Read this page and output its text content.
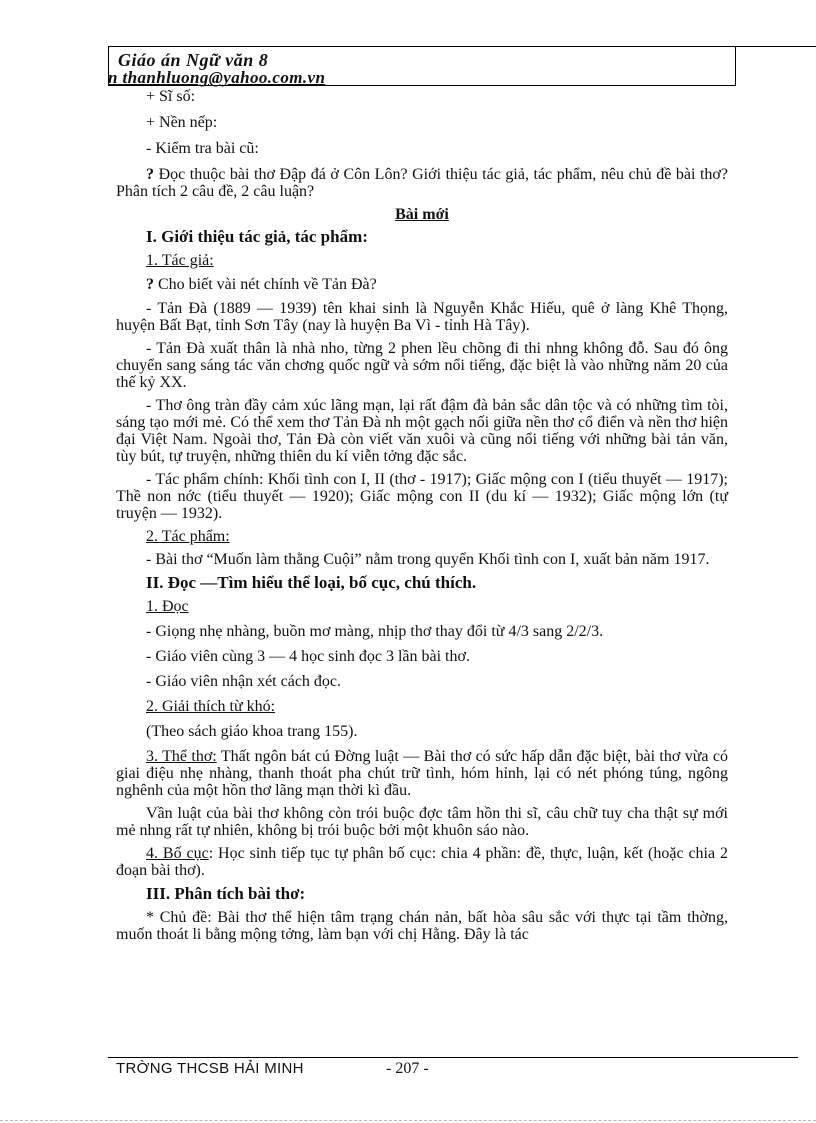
Giáo án Ngữ văn 8
n thanhluong@yahoo.com.vn

+ Sĩ số:

+ Nền nếp:

- Kiểm tra bài cũ:

? Đọc thuộc bài thơ Đập đá ở Côn Lôn? Giới thiệu tác giả, tác phẩm, nêu chủ đề bài thơ? Phân tích 2 câu đề, 2 câu luận?

Bài mới

I. Giới thiệu tác giả, tác phẩm:

1. Tác giả:

? Cho biết vài nét chính về Tản Đà?

- Tản Đà (1889 — 1939) tên khai sinh là Nguyễn Khắc Hiếu, quê ở làng Khê Thọng, huyện Bất Bạt, tỉnh Sơn Tây (nay là huyện Ba Vì - tỉnh Hà Tây).

- Tản Đà xuất thân là nhà nho, từng 2 phen lều chõng đi thi nhng không đỗ. Sau đó ông chuyển sang sáng tác văn chơng quốc ngữ và sớm nổi tiếng, đặc biệt là vào những năm 20 của thế kỷ XX.

- Thơ ông tràn đầy cảm xúc lãng mạn, lại rất đậm đà bản sắc dân tộc và có những tìm tòi, sáng tạo mới mẻ. Có thể xem thơ Tản Đà nh một gạch nối giữa nền thơ cổ điển và nền thơ hiện đại Việt Nam. Ngoài thơ, Tản Đà còn viết văn xuôi và cũng nổi tiếng với những bài tản văn, tùy bút, tự truyện, những thiên du kí viễn tởng đặc sắc.

- Tác phẩm chính: Khối tình con I, II (thơ - 1917); Giấc mộng con I (tiểu thuyết — 1917); Thề non nớc (tiểu thuyết — 1920); Giấc mộng con II (du kí — 1932); Giấc mộng lớn (tự truyện — 1932).

2. Tác phẩm:

- Bài thơ “Muốn làm thằng Cuội” nằm trong quyển Khối tình con I, xuất bản năm 1917.

II. Đọc —Tìm hiểu thể loại, bố cục, chú thích.

1. Đọc

- Giọng nhẹ nhàng, buồn mơ màng, nhịp thơ thay đổi từ 4/3 sang 2/2/3.

- Giáo viên cùng 3 — 4 học sinh đọc 3 lần bài thơ.

- Giáo viên nhận xét cách đọc.

2. Giải thích từ khó:

(Theo sách giáo khoa trang 155).

3. Thể thơ: Thất ngôn bát cú Đờng luật — Bài thơ có sức hấp dẫn đặc biệt, bài thơ vừa có giai điệu nhẹ nhàng, thanh thoát pha chút trữ tình, hóm hỉnh, lại có nét phóng túng, ngông nghênh của một hồn thơ lãng mạn thời kì đầu.

Vần luật của bài thơ không còn trói buộc đợc tâm hồn thi sĩ, câu chữ tuy cha thật sự mới mẻ nhng rất tự nhiên, không bị trói buộc bởi một khuôn sáo nào.

4. Bố cục: Học sinh tiếp tục tự phân bố cục: chia 4 phần: đề, thực, luận, kết (hoặc chia 2 đoạn bài thơ).

III. Phân tích bài thơ:

* Chủ đề: Bài thơ thể hiện tâm trạng chán nản, bất hòa sâu sắc với thực tại tầm thờng, muốn thoát li bằng mộng tởng, làm bạn với chị Hằng. Đây là tác

TRỜNG THCSB HẢI MINH	- 207 -
